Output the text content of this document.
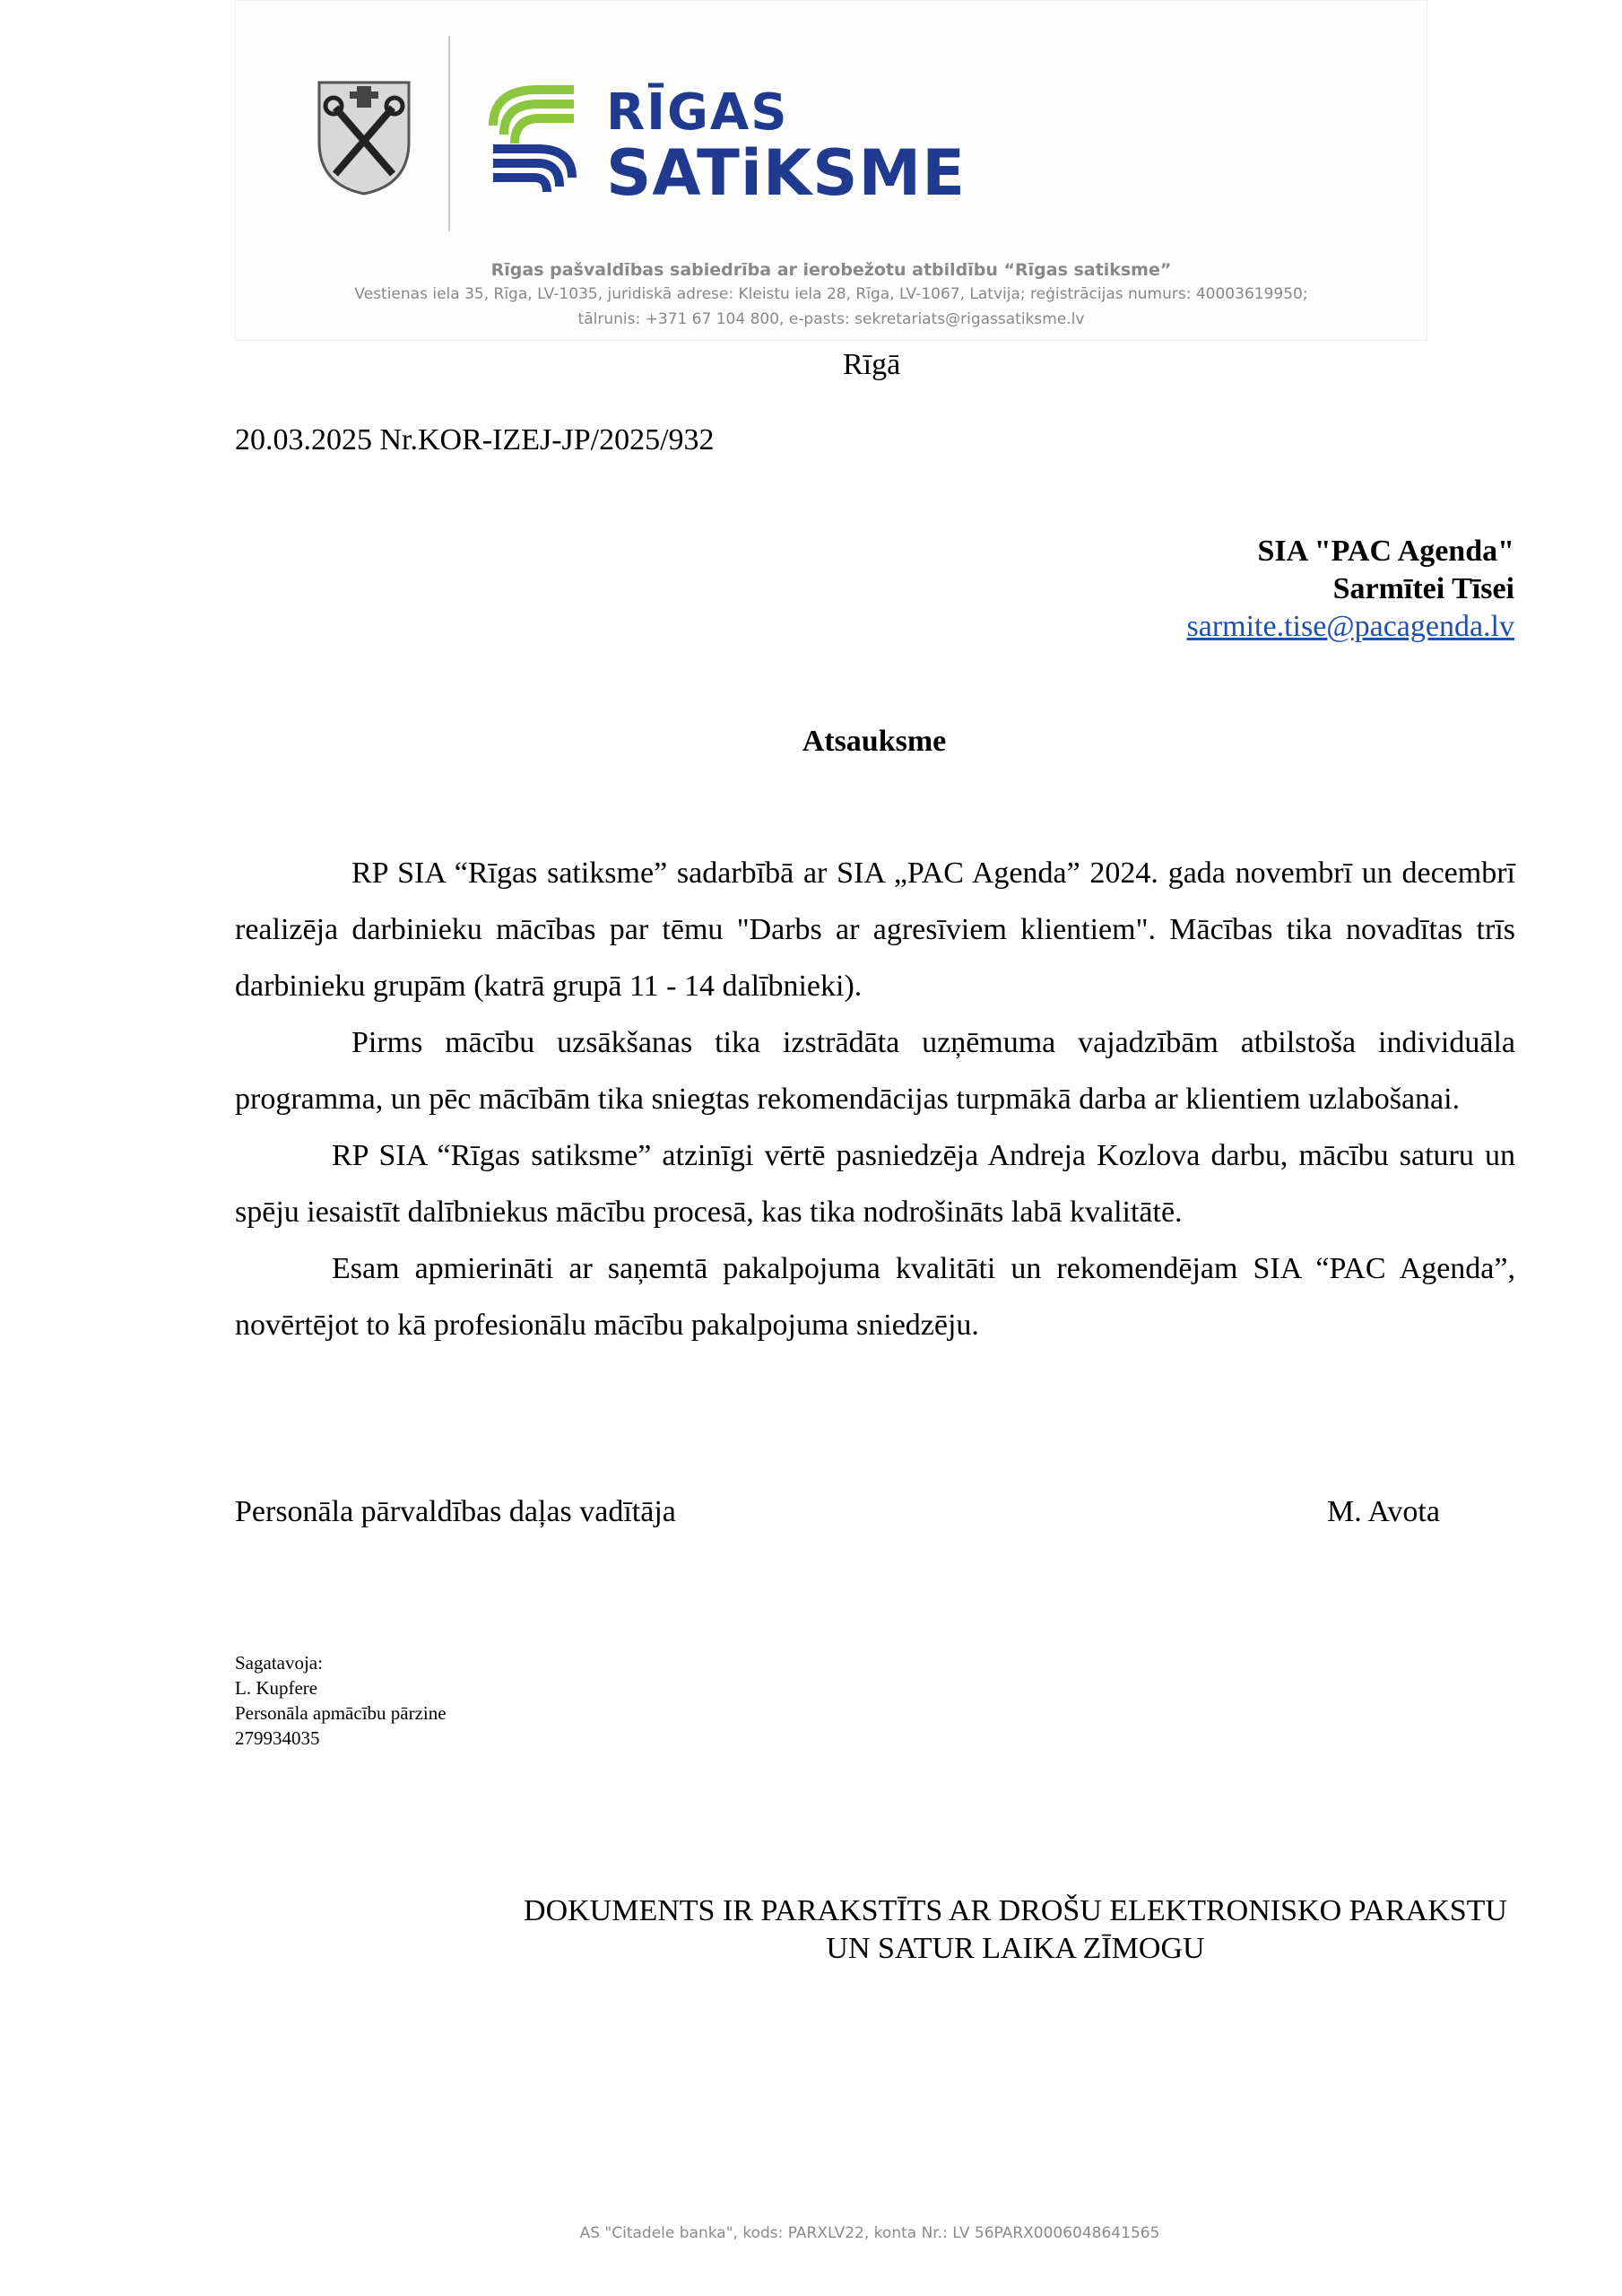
RĪGAS
SATiKSME
Rīgas pašvaldības sabiedrība ar ierobežotu atbildību “Rīgas satiksme”
Vestienas iela 35, Rīga, LV-1035, juridiskā adrese: Kleistu iela 28, Rīga, LV-1067, Latvija; reģistrācijas numurs: 40003619950;
tālrunis: +371 67 104 800, e-pasts: sekretariats@rigassatiksme.lv
Rīgā
20.03.2025 Nr.KOR-IZEJ-JP/2025/932
SIA "PAC Agenda"
Sarmītei Tīsei
sarmite.tise@pacagenda.lv
Atsauksme

RP SIA “Rīgas satiksme” sadarbībā ar SIA „PAC Agenda” 2024. gada novembrī un decembrī realizēja darbinieku mācības par tēmu "Darbs ar agresīviem klientiem". Mācības tika novadītas trīs darbinieku grupām (katrā grupā 11 - 14 dalībnieki).

Pirms mācību uzsākšanas tika izstrādāta uzņēmuma vajadzībām atbilstoša individuāla programma, un pēc mācībām tika sniegtas rekomendācijas turpmākā darba ar klientiem uzlabošanai.

RP SIA “Rīgas satiksme” atzinīgi vērtē pasniedzēja Andreja Kozlova darbu, mācību saturu un spēju iesaistīt dalībniekus mācību procesā, kas tika nodrošināts labā kvalitātē.

Esam apmierināti ar saņemtā pakalpojuma kvalitāti un rekomendējam SIA “PAC Agenda”, novērtējot to kā profesionālu mācību pakalpojuma sniedzēju.

Personāla pārvaldības daļas vadītāja	M. Avota
Sagatavoja:
L. Kupfere
Personāla apmācību pārzine
279934035
DOKUMENTS IR PARAKSTĪTS AR DROŠU ELEKTRONISKO PARAKSTU
UN SATUR LAIKA ZĪMOGU
AS "Citadele banka", kods: PARXLV22, konta Nr.: LV 56PARX0006048641565
